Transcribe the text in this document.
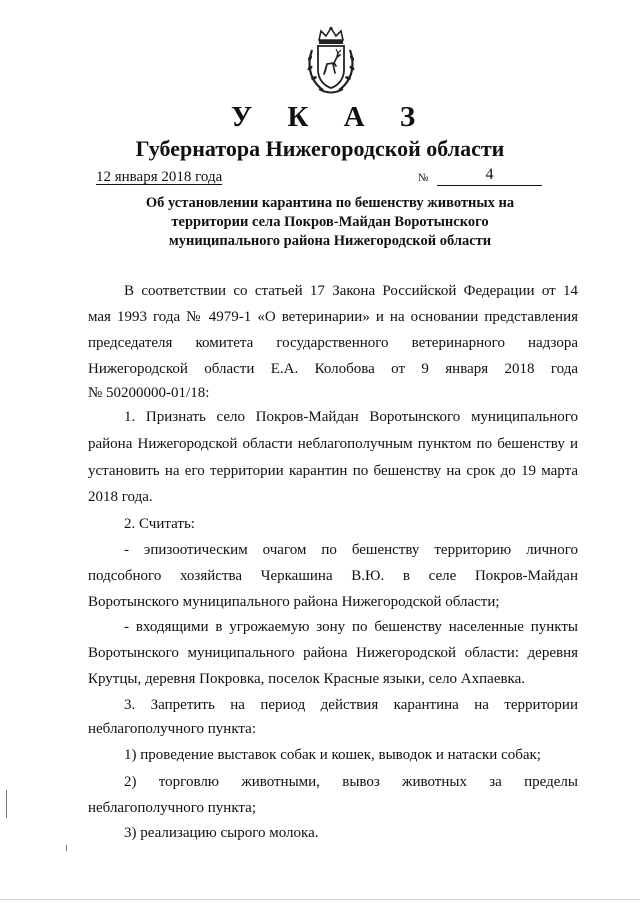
У К А З
Губернатора Нижегородской области
12 января 2018 года	№	4
Об установлении карантина по бешенству животных на
территории села Покров-Майдан Воротынского
муниципального района Нижегородской области
В соответствии со статьей 17 Закона Российской Федерации от 14
мая 1993 года № 4979-1 «О ветеринарии» и на основании представления
председателя комитета государственного ветеринарного надзора
Нижегородской области Е.А. Колобова от 9 января 2018 года
№ 50200000-01/18:
1. Признать село Покров-Майдан Воротынского муниципального
района Нижегородской области неблагополучным пунктом по бешенству и
установить на его территории карантин по бешенству на срок до 19 марта
2018 года.
2. Считать:
- эпизоотическим очагом по бешенству территорию личного
подсобного хозяйства Черкашина В.Ю. в селе Покров-Майдан
Воротынского муниципального района Нижегородской области;
- входящими в угрожаемую зону по бешенству населенные пункты
Воротынского муниципального района Нижегородской области: деревня
Крутцы, деревня Покровка, поселок Красные языки, село Ахпаевка.
3. Запретить на период действия карантина на территории
неблагополучного пункта:
1) проведение выставок собак и кошек, выводок и натаски собак;
2) торговлю животными, вывоз животных за пределы
неблагополучного пункта;
3) реализацию сырого молока.
